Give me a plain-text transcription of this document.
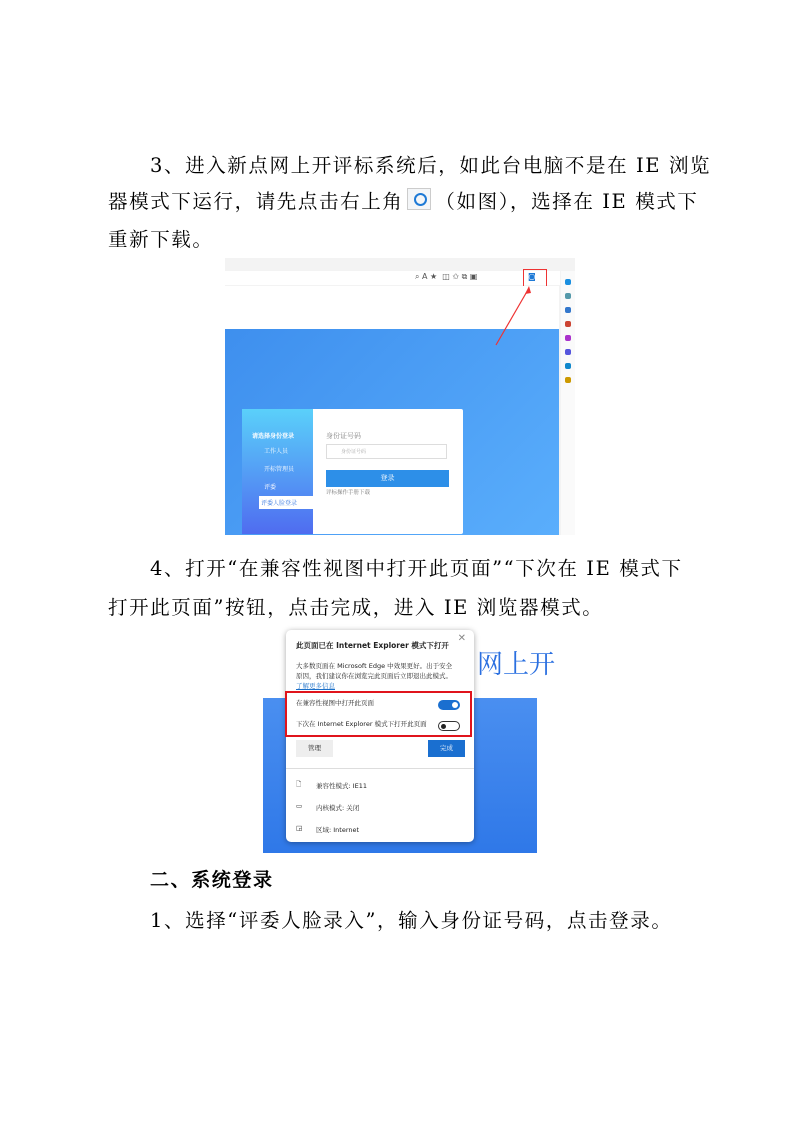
3、进入新点网上开评标系统后，如此台电脑不是在 IE 浏览
器模式下运行，请先点击右上角 （如图），选择在 IE 模式下
重新下载。
⌕ A ★  ◫ ✩ ⧉ ▣	◙
请选择身份登录
工作人员
开标管理员
评委
评委人脸登录
身份证号码
身份证号码
登录
评标操作手册下载
4、打开“在兼容性视图中打开此页面”“下次在 IE 模式下
打开此页面”按钮，点击完成，进入 IE 浏览器模式。
网上开
此页面已在 Internet Explorer 模式下打开
✕
大多数页面在 Microsoft Edge 中效果更好。出于安全
原因，我们建议你在浏览完此页面后立即退出此模式。
了解更多信息
在兼容性视图中打开此页面
下次在 Internet Explorer 模式下打开此页面
管理	完成
🗋 兼容性模式: IE11
▭ 内核模式: 关闭
◲ 区域: Internet
二、系统登录
1、选择“评委人脸录入”，输入身份证号码，点击登录。
